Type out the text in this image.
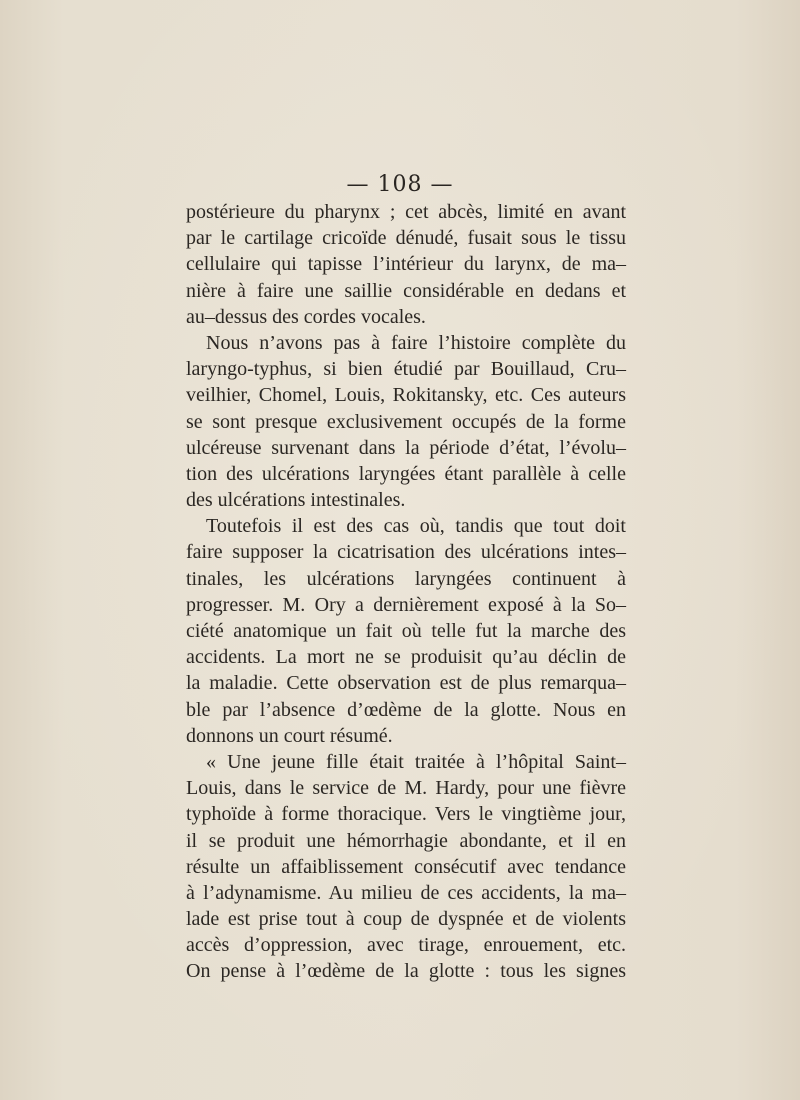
— 108 —
postérieure du pharynx ; cet abcès, limité en avant
par le cartilage cricoïde dénudé, fusait sous le tissu
cellulaire qui tapisse l’intérieur du larynx, de ma–
nière à faire une saillie considérable en dedans et
au–dessus des cordes vocales.
Nous n’avons pas à faire l’histoire complète du
laryngo-typhus, si bien étudié par Bouillaud, Cru–
veilhier, Chomel, Louis, Rokitansky, etc. Ces auteurs
se sont presque exclusivement occupés de la forme
ulcéreuse survenant dans la période d’état, l’évolu–
tion des ulcérations laryngées étant parallèle à celle
des ulcérations intestinales.
Toutefois il est des cas où, tandis que tout doit
faire supposer la cicatrisation des ulcérations intes–
tinales, les ulcérations laryngées continuent à
progresser. M. Ory a dernièrement exposé à la So–
ciété anatomique un fait où telle fut la marche des
accidents. La mort ne se produisit qu’au déclin de
la maladie. Cette observation est de plus remarqua–
ble par l’absence d’œdème de la glotte. Nous en
donnons un court résumé.
« Une jeune fille était traitée à l’hôpital Saint–
Louis, dans le service de M. Hardy, pour une fièvre
typhoïde à forme thoracique. Vers le vingtième jour,
il se produit une hémorrhagie abondante, et il en
résulte un affaiblissement consécutif avec tendance
à l’adynamisme. Au milieu de ces accidents, la ma–
lade est prise tout à coup de dyspnée et de violents
accès d’oppression, avec tirage, enrouement, etc.
On pense à l’œdème de la glotte : tous les signes
